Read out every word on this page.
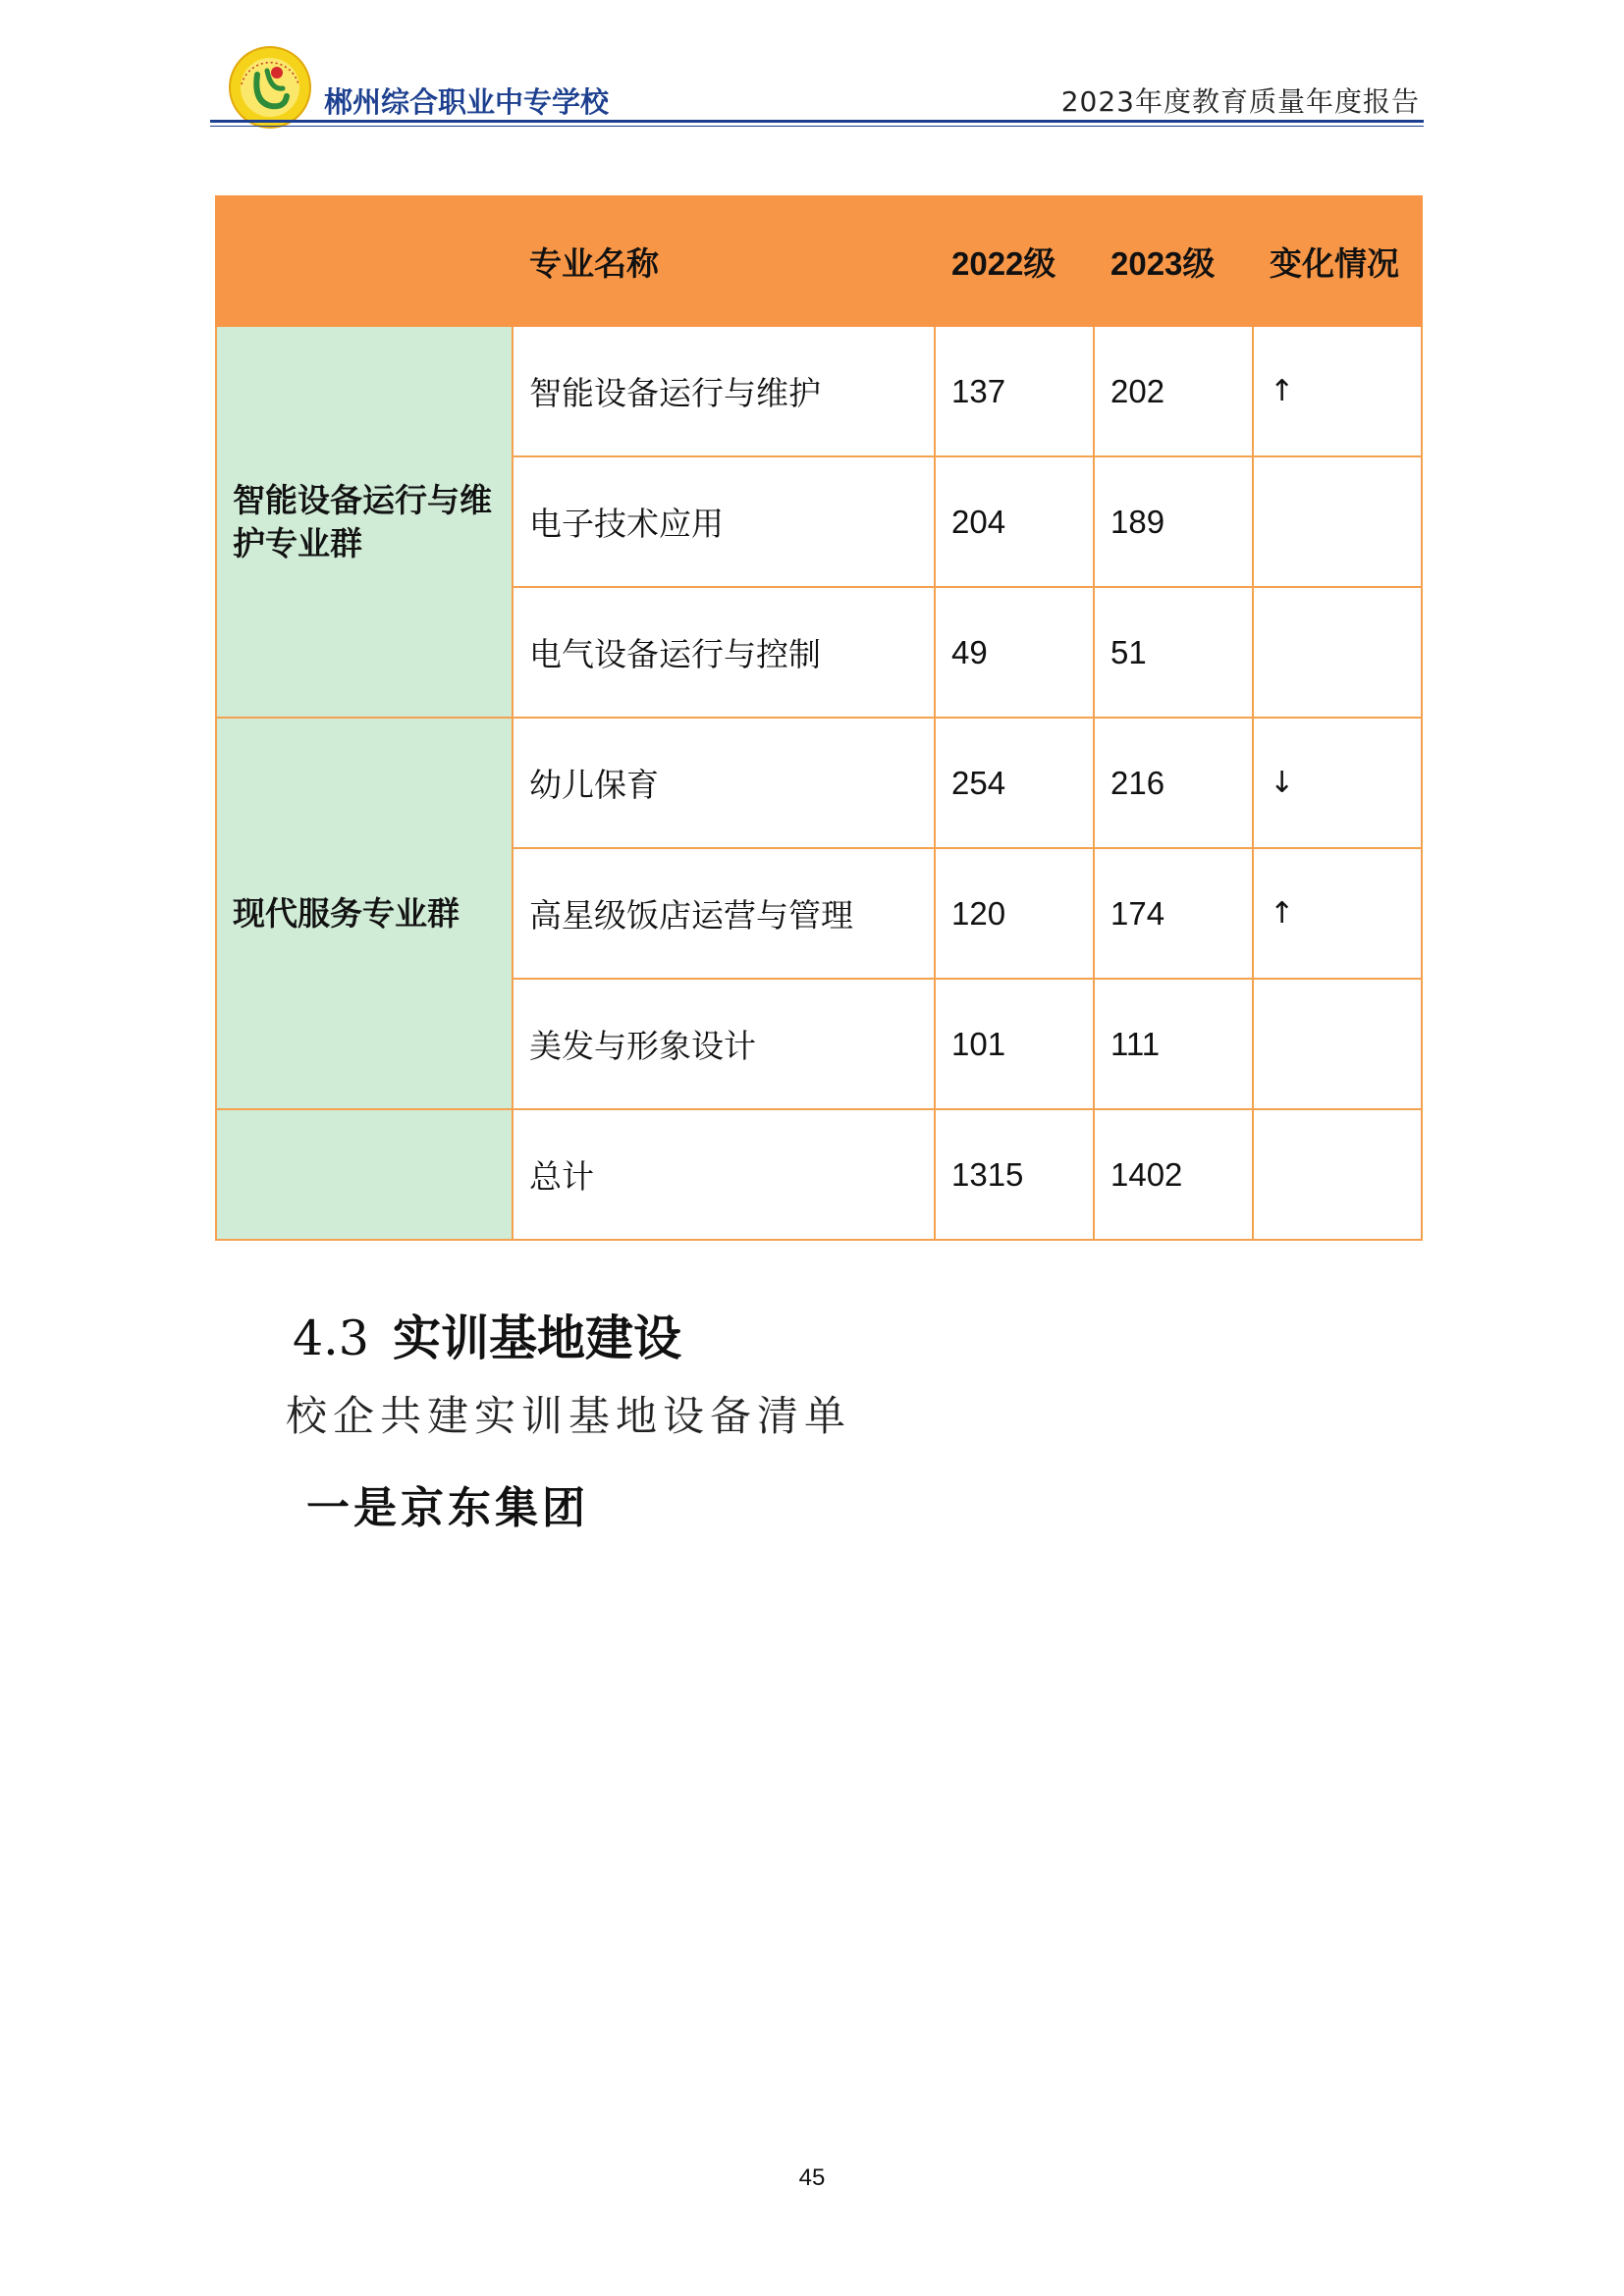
郴州综合职业中专学校	2023年度教育质量年度报告
	专业名称	2022级	2023级	变化情况
智能设备运行与维护专业群	智能设备运行与维护	137	202	↑
	电子技术应用	204	189	
	电气设备运行与控制	49	51	
现代服务专业群	幼儿保育	254	216	↓
	高星级饭店运营与管理	120	174	↑
	美发与形象设计	101	111	
	总计	1315	1402	
4.3 实训基地建设
校企共建实训基地设备清单
一是京东集团
45
